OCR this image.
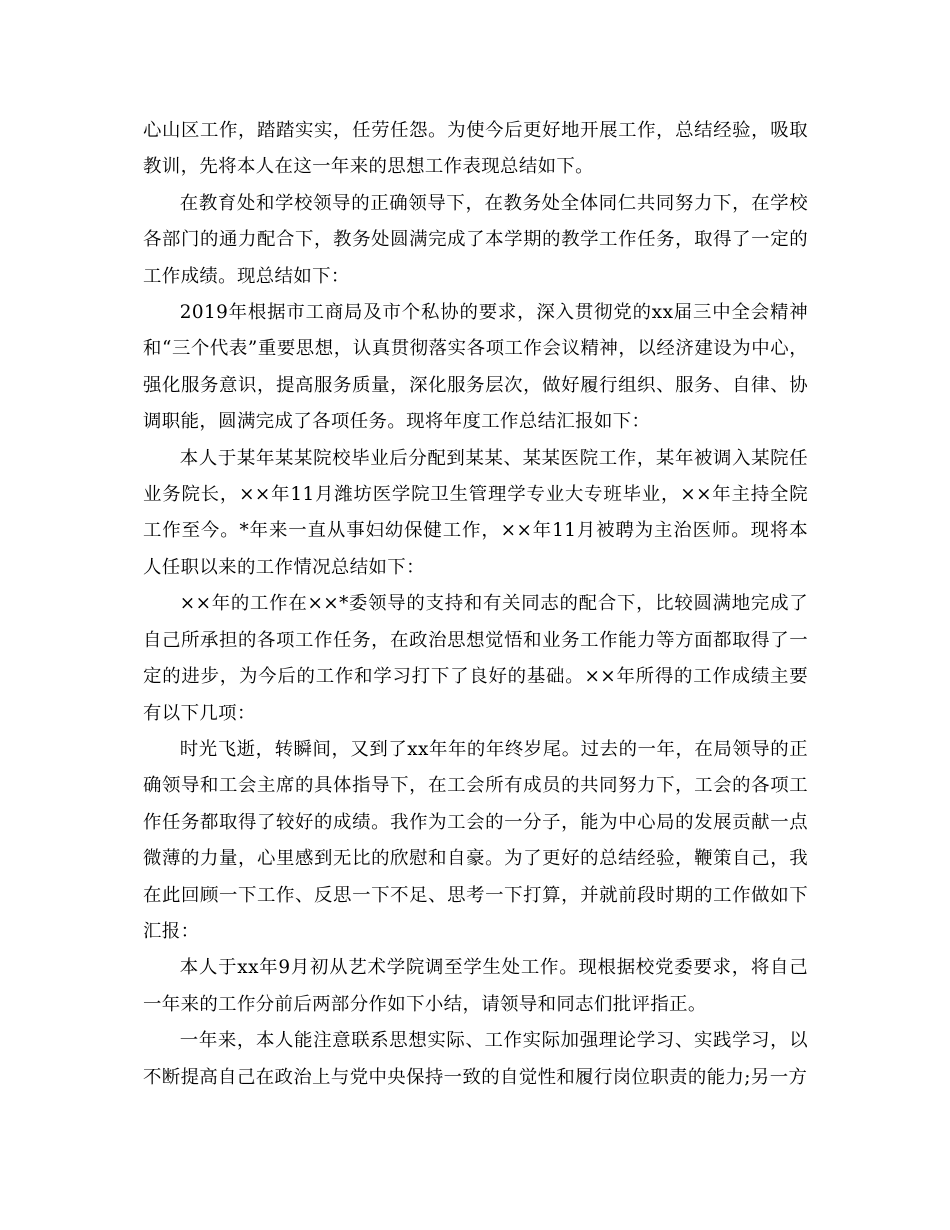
心山区工作，踏踏实实，任劳任怨。为使今后更好地开展工作，总结经验，吸取教训，先将本人在这一年来的思想工作表现总结如下。

在教育处和学校领导的正确领导下，在教务处全体同仁共同努力下，在学校各部门的通力配合下，教务处圆满完成了本学期的教学工作任务，取得了一定的工作成绩。现总结如下：

2019年根据市工商局及市个私协的要求，深入贯彻党的xx届三中全会精神和“三个代表”重要思想，认真贯彻落实各项工作会议精神，以经济建设为中心，强化服务意识，提高服务质量，深化服务层次，做好履行组织、服务、自律、协调职能，圆满完成了各项任务。现将年度工作总结汇报如下：

本人于某年某某院校毕业后分配到某某、某某医院工作，某年被调入某院任业务院长，××年11月潍坊医学院卫生管理学专业大专班毕业，××年主持全院工作至今。*年来一直从事妇幼保健工作，××年11月被聘为主治医师。现将本人任职以来的工作情况总结如下：

××年的工作在××*委领导的支持和有关同志的配合下，比较圆满地完成了自己所承担的各项工作任务，在政治思想觉悟和业务工作能力等方面都取得了一定的进步，为今后的工作和学习打下了良好的基础。××年所得的工作成绩主要有以下几项：

时光飞逝，转瞬间，又到了xx年年的年终岁尾。过去的一年，在局领导的正确领导和工会主席的具体指导下，在工会所有成员的共同努力下，工会的各项工作任务都取得了较好的成绩。我作为工会的一分子，能为中心局的发展贡献一点微薄的力量，心里感到无比的欣慰和自豪。为了更好的总结经验，鞭策自己，我在此回顾一下工作、反思一下不足、思考一下打算，并就前段时期的工作做如下汇报：

本人于xx年9月初从艺术学院调至学生处工作。现根据校党委要求，将自己一年来的工作分前后两部分作如下小结，请领导和同志们批评指正。

一年来，本人能注意联系思想实际、工作实际加强理论学习、实践学习，以不断提高自己在政治上与党中央保持一致的自觉性和履行岗位职责的能力;另一方
